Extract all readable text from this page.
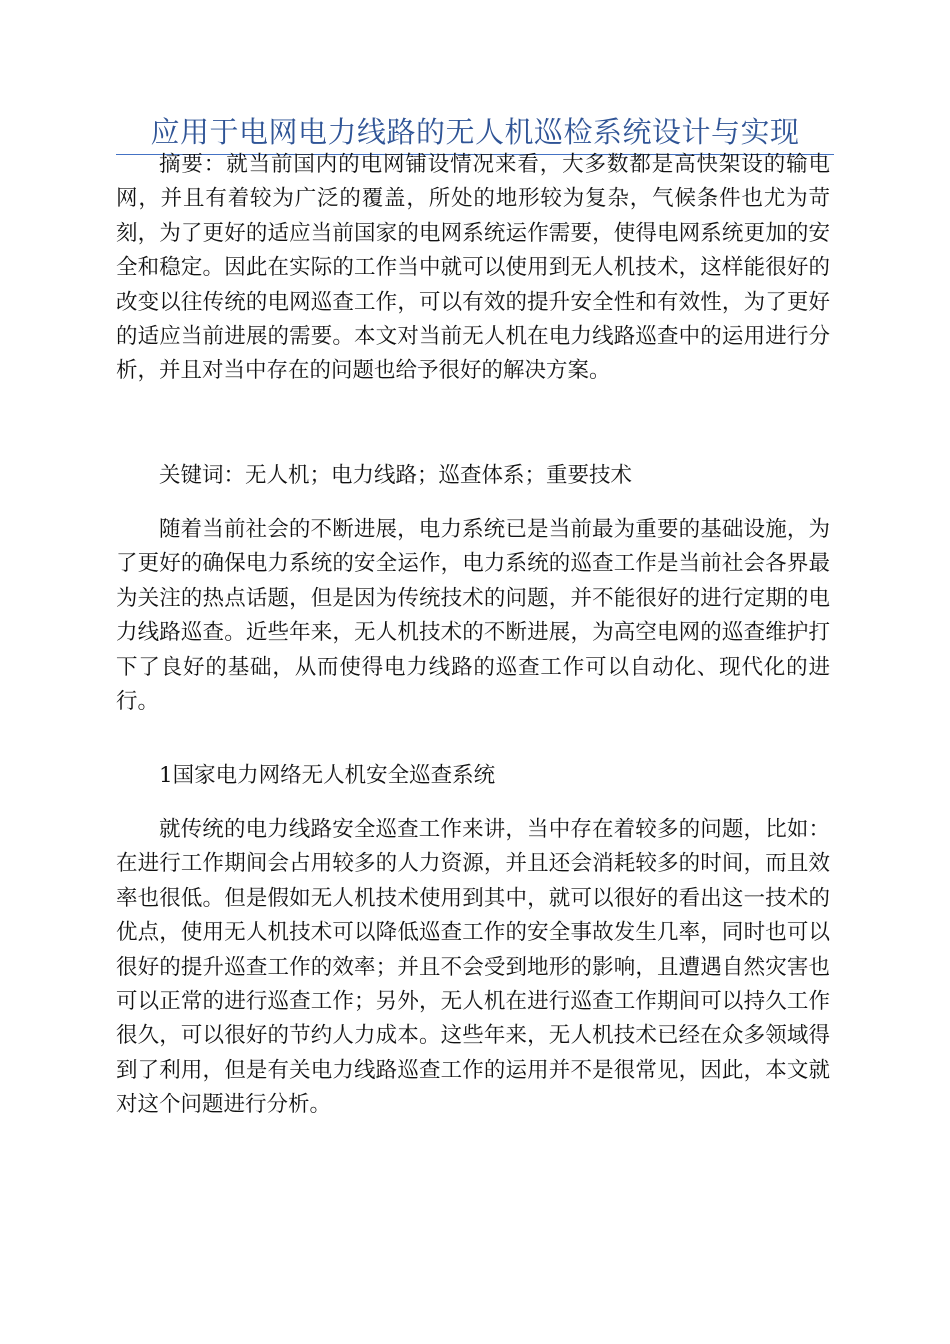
应用于电网电力线路的无人机巡检系统设计与实现

摘要：就当前国内的电网铺设情况来看，大多数都是高快架设的输电网，并且有着较为广泛的覆盖，所处的地形较为复杂，气候条件也尤为苛刻，为了更好的适应当前国家的电网系统运作需要，使得电网系统更加的安全和稳定。因此在实际的工作当中就可以使用到无人机技术，这样能很好的改变以往传统的电网巡查工作，可以有效的提升安全性和有效性，为了更好的适应当前进展的需要。本文对当前无人机在电力线路巡查中的运用进行分析，并且对当中存在的问题也给予很好的解决方案。

关键词：无人机；电力线路；巡查体系；重要技术

随着当前社会的不断进展，电力系统已是当前最为重要的基础设施，为了更好的确保电力系统的安全运作，电力系统的巡查工作是当前社会各界最为关注的热点话题，但是因为传统技术的问题，并不能很好的进行定期的电力线路巡查。近些年来，无人机技术的不断进展，为高空电网的巡查维护打下了良好的基础，从而使得电力线路的巡查工作可以自动化、现代化的进行。

1国家电力网络无人机安全巡查系统

就传统的电力线路安全巡查工作来讲，当中存在着较多的问题，比如：在进行工作期间会占用较多的人力资源，并且还会消耗较多的时间，而且效率也很低。但是假如无人机技术使用到其中，就可以很好的看出这一技术的优点，使用无人机技术可以降低巡查工作的安全事故发生几率，同时也可以很好的提升巡查工作的效率；并且不会受到地形的影响，且遭遇自然灾害也可以正常的进行巡查工作；另外，无人机在进行巡查工作期间可以持久工作很久，可以很好的节约人力成本。这些年来，无人机技术已经在众多领域得到了利用，但是有关电力线路巡查工作的运用并不是很常见，因此，本文就对这个问题进行分析。
